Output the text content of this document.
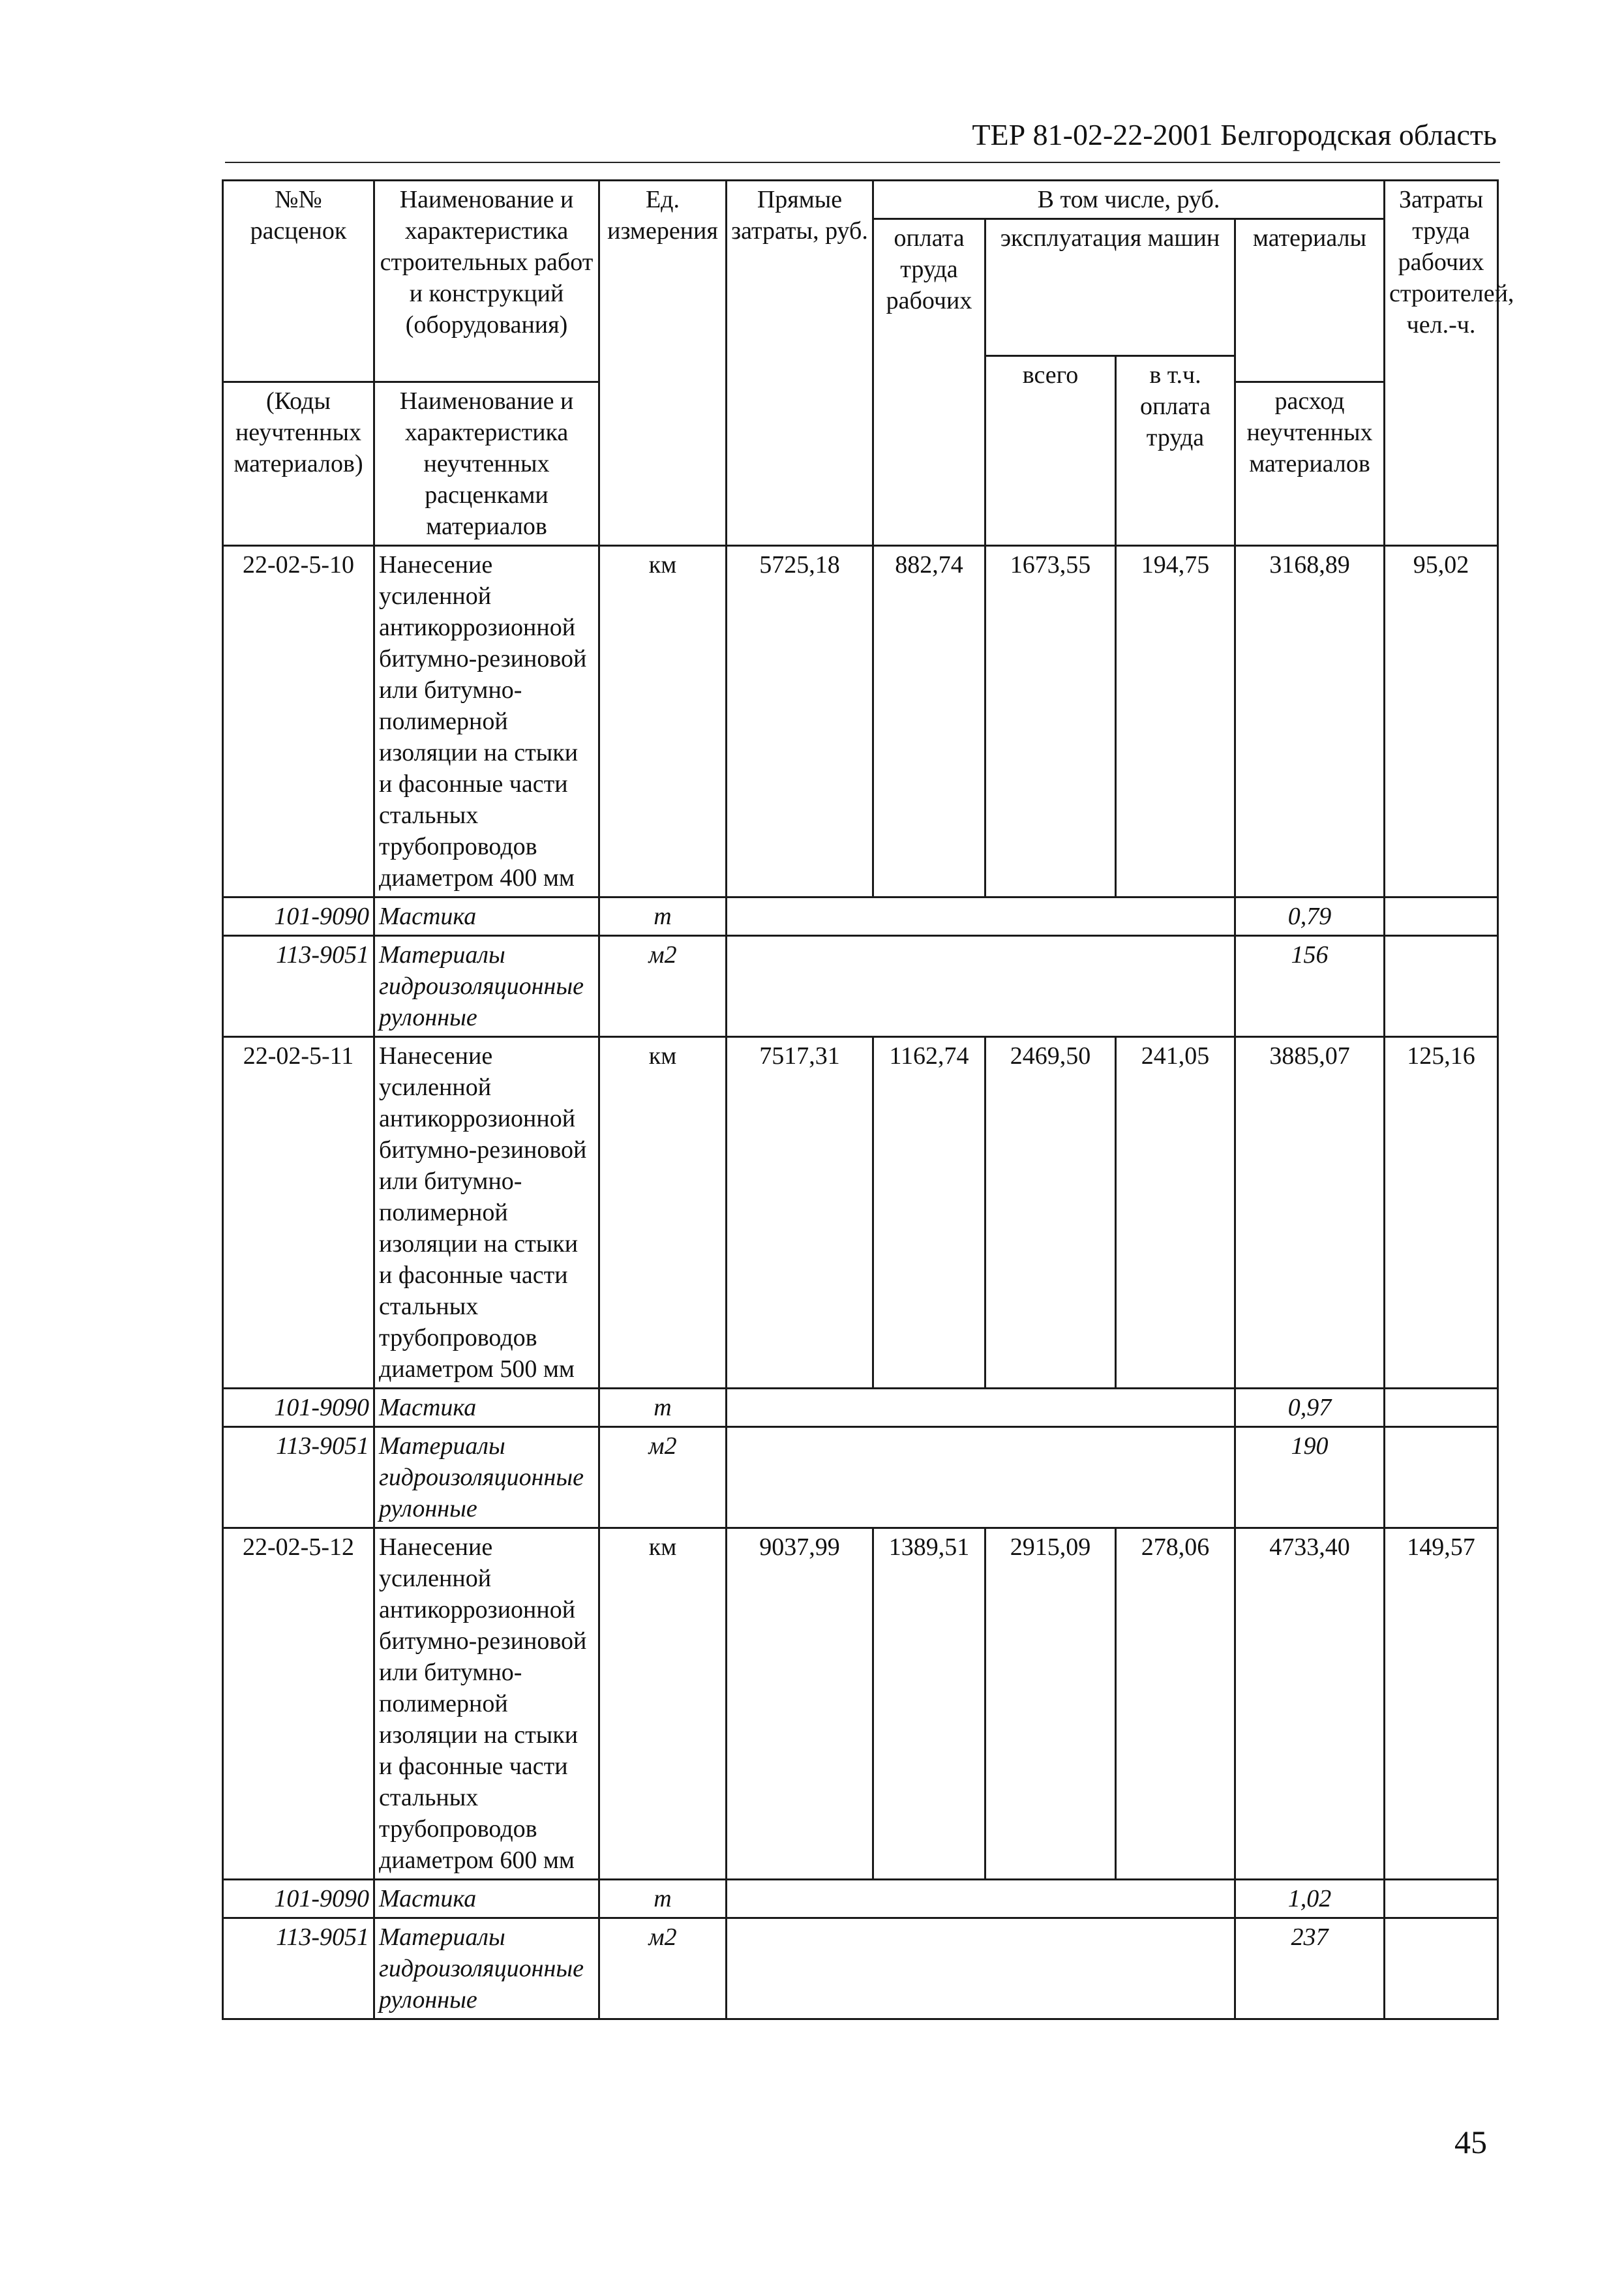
ТЕР 81-02-22-2001 Белгородская область
№№ расценок	Наименование и характеристика строительных работ и конструкций (оборудования)	Ед. измерения	Прямые затраты, руб.	В том числе, руб.				Затраты труда рабочих строителей, чел.-ч.
				оплата труда рабочих	эксплуатация машин		материалы	
					всего	в т.ч. оплата труда		
(Коды неучтенных материалов)	Наименование и характеристика неучтенных расценками материалов						расход неучтенных материалов	

22-02-5-10	Нанесение усиленной антикоррозионной битумно-резиновой или битумно-полимерной изоляции на стыки и фасонные части стальных трубопроводов диаметром 400 мм	км	5725,18	882,74	1673,55	194,75	3168,89	95,02
101-9090	Мастика	т					0,79	
113-9051	Материалы гидроизоляционные рулонные	м2					156	
22-02-5-11	Нанесение усиленной антикоррозионной битумно-резиновой или битумно-полимерной изоляции на стыки и фасонные части стальных трубопроводов диаметром 500 мм	км	7517,31	1162,74	2469,50	241,05	3885,07	125,16
101-9090	Мастика	т					0,97	
113-9051	Материалы гидроизоляционные рулонные	м2					190	
22-02-5-12	Нанесение усиленной антикоррозионной битумно-резиновой или битумно-полимерной изоляции на стыки и фасонные части стальных трубопроводов диаметром 600 мм	км	9037,99	1389,51	2915,09	278,06	4733,40	149,57
101-9090	Мастика	т					1,02	
113-9051	Материалы гидроизоляционные рулонные	м2					237	
45
